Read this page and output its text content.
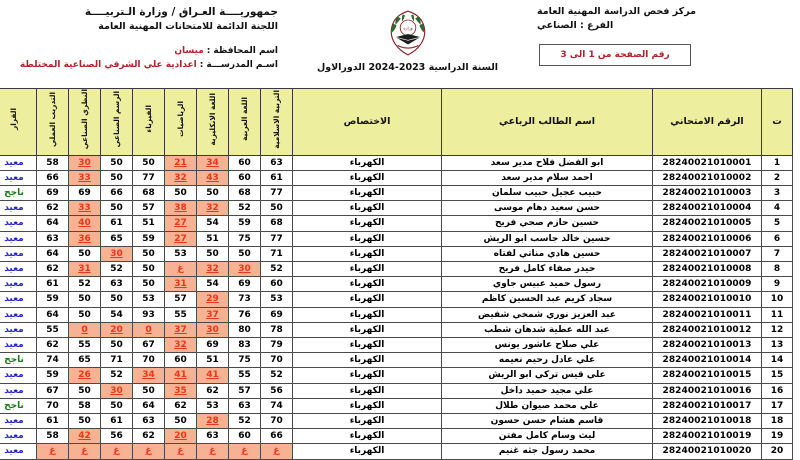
جمهوريــــة العـراق / وزارة الـتربيــــة
اللجنة الدائمة للامتحانات المهنية العامة
اسم المحافظة
:
ميسان
اسـم المدرســـة
:
اعدادية علي الشرقي الصناعية المختلطة
وزارة
السنة الدراسية 2023-2024 الدورالاول
مركز فحص الدراسة المهنية العامة
الفرع : الصناعي
رقم الصفحة من 1 الى 3
ت	الرقم الامتحاني	اسم الطالب الرباعي	الاختصاص	التربية الاسلامية	اللغة العربية	اللغة الانكليزية	الرياضيات	الفيزياء	الرسم الصناعي	النظري الصناعي	التدريب العملي	القرار		
1	28240021010001	ابو الفضل فلاح مدير سعد	الكهرباء	63	60	34	21	50	50	30	58	معيد		
2	28240021010002	احمد سلام مدير سعد	الكهرباء	61	60	43	32	77	50	33	66	معيد		
3	28240021010003	حبيب عجيل حبيب سلمان	الكهرباء	77	68	50	50	68	66	69	69	ناجح		
4	28240021010004	حسن سعيد دهام موسى	الكهرباء	50	52	32	38	57	50	33	62	معيد		
5	28240021010005	حسين حازم صحي فريح	الكهرباء	68	59	54	27	51	61	40	64	معيد		
6	28240021010006	حسين خالد جاسب ابو الريش	الكهرباء	77	75	51	27	59	65	36	63	معيد		
7	28240021010007	حسين هادي مناتي لفتاه	الكهرباء	71	50	50	53	50	30	50	64	معيد		
8	28240021010008	حيدر صفاء كامل فريح	الكهرباء	52	30	32	غ	50	52	31	62	معيد		
9	28240021010009	رسول حميد عبيس جاوي	الكهرباء	60	69	54	31	50	63	52	61	معيد		
10	28240021010010	سجاد كريم عبد الحسين كاظم	الكهرباء	53	73	29	57	53	50	50	59	معيد		
11	28240021010011	عبد العزيز نوري شمخي شفيض	الكهرباء	69	76	37	55	93	54	50	64	معيد		
12	28240021010012	عبد الله عطية شدهان شطب	الكهرباء	78	80	30	37	0	20	0	55	معيد		
13	28240021010013	علي صلاح عاشور يونس	الكهرباء	79	83	69	32	67	50	55	62	معيد		
14	28240021010014	علي عادل رحيم نعيمه	الكهرباء	70	75	51	60	70	71	65	74	ناجح		
15	28240021010015	علي قيس تركي ابو الريش	الكهرباء	52	55	41	41	34	52	26	59	معيد		
16	28240021010016	علي مجيد حميد داخل	الكهرباء	56	57	62	35	50	30	50	67	معيد		
17	28240021010017	علي محمد صيوان طلال	الكهرباء	74	63	53	62	64	50	58	70	ناجح		
18	28240021010018	قاسم هشام حسن حسون	الكهرباء	70	52	28	50	63	61	50	61	معيد		
19	28240021010019	ليث وسام كامل مفتن	الكهرباء	66	60	63	20	62	56	42	58	معيد		
20	28240021010020	محمد رسول جثه غنيم	الكهرباء	غ	غ	غ	غ	غ	غ	غ	غ	معيد		
